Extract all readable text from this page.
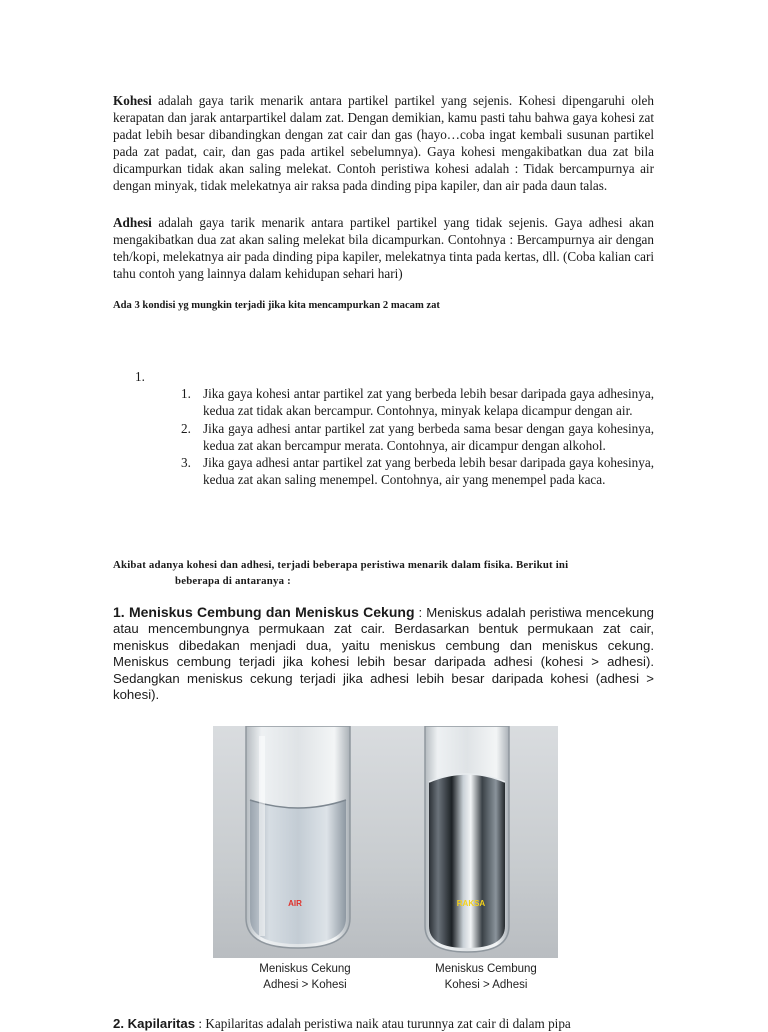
Kohesi adalah gaya tarik menarik antara partikel partikel yang sejenis. Kohesi dipengaruhi oleh kerapatan dan jarak antarpartikel dalam zat. Dengan demikian, kamu pasti tahu bahwa gaya kohesi zat padat lebih besar dibandingkan dengan zat cair dan gas (hayo…coba ingat kembali susunan partikel pada zat padat, cair, dan gas pada artikel sebelumnya). Gaya kohesi mengakibatkan dua zat bila dicampurkan tidak akan saling melekat. Contoh peristiwa kohesi adalah : Tidak bercampurnya air dengan minyak, tidak melekatnya air raksa pada dinding pipa kapiler, dan air pada daun talas.

Adhesi adalah gaya tarik menarik antara partikel partikel yang tidak sejenis. Gaya adhesi akan mengakibatkan dua zat akan saling melekat bila dicampurkan. Contohnya : Bercampurnya air dengan teh/kopi, melekatnya air pada dinding pipa kapiler, melekatnya tinta pada kertas, dll. (Coba kalian cari tahu contoh yang lainnya dalam kehidupan sehari hari)

Ada 3 kondisi yg mungkin terjadi jika kita mencampurkan 2 macam zat

1.
1. Jika gaya kohesi antar partikel zat yang berbeda lebih besar daripada gaya adhesinya, kedua zat tidak akan bercampur. Contohnya, minyak kelapa dicampur dengan air.
2. Jika gaya adhesi antar partikel zat yang berbeda sama besar dengan gaya kohesinya, kedua zat akan bercampur merata. Contohnya, air dicampur dengan alkohol.
3. Jika gaya adhesi antar partikel zat yang berbeda lebih besar daripada gaya kohesinya, kedua zat akan saling menempel. Contohnya, air yang menempel pada kaca.

Akibat adanya kohesi dan adhesi, terjadi beberapa peristiwa menarik dalam fisika. Berikut ini
beberapa di antaranya :

1. Meniskus Cembung dan Meniskus Cekung : Meniskus adalah peristiwa mencekung atau mencembungnya permukaan zat cair. Berdasarkan bentuk permukaan zat cair, meniskus dibedakan menjadi dua, yaitu meniskus cembung dan meniskus cekung. Meniskus cembung terjadi jika kohesi lebih besar daripada adhesi (kohesi > adhesi). Sedangkan meniskus cekung terjadi jika adhesi lebih besar daripada kohesi (adhesi > kohesi).

AIR	RAKSA
Meniskus Cekung
Adhesi > Kohesi
Meniskus Cembung
Kohesi > Adhesi
2. Kapilaritas : Kapilaritas adalah peristiwa naik atau turunnya zat cair di dalam pipa
